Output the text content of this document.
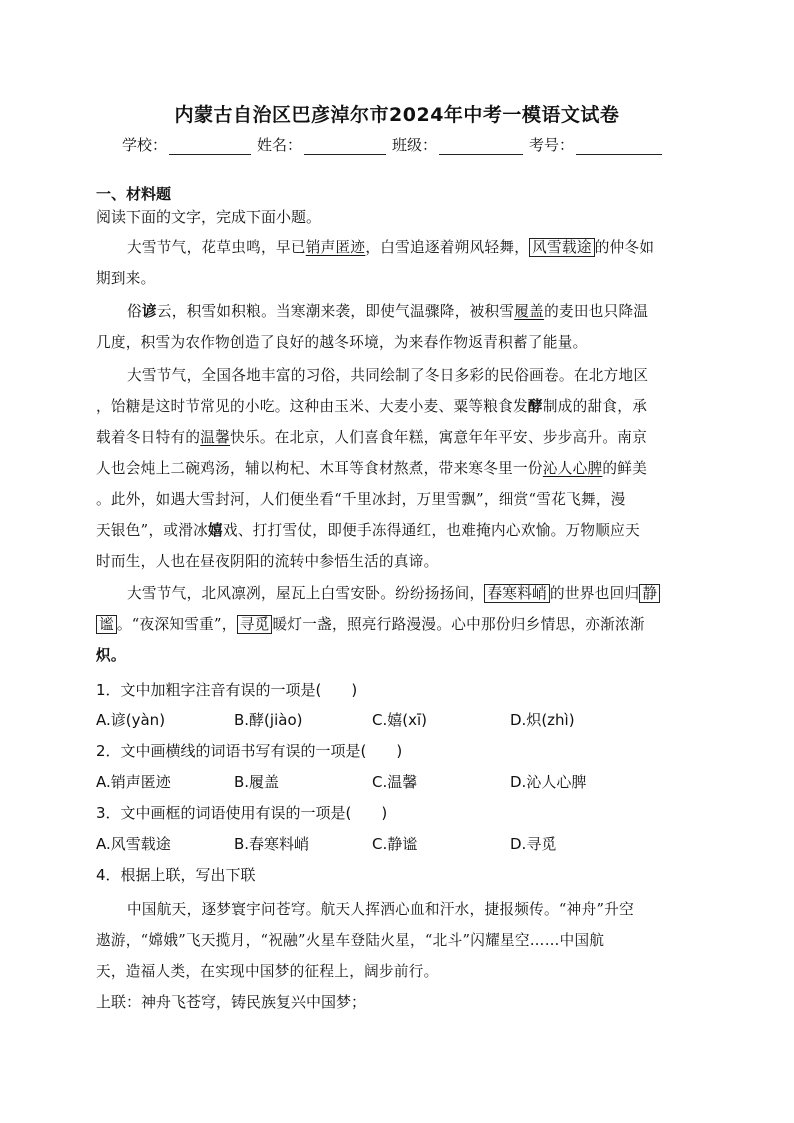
内蒙古自治区巴彦淖尔市2024年中考一模语文试卷
学校：	姓名：	班级：	考号：
一、材料题
阅读下面的文字，完成下面小题。
大雪节气，花草虫鸣，早已销声匿迹，白雪追逐着朔风轻舞， 风雪载途 的仲冬如
期到来。
俗谚云，积雪如积粮。当寒潮来袭，即使气温骤降，被积雪履盖的麦田也只降温
几度，积雪为农作物创造了良好的越冬环境，为来春作物返青积蓄了能量。
大雪节气，全国各地丰富的习俗，共同绘制了冬日多彩的民俗画卷。在北方地区
，饴糖是这时节常见的小吃。这种由玉米、大麦小麦、粟等粮食发酵制成的甜食，承
载着冬日特有的温馨快乐。在北京，人们喜食年糕，寓意年年平安、步步高升。南京
人也会炖上二碗鸡汤，辅以枸杞、木耳等食材熬煮，带来寒冬里一份沁人心脾的鲜美
。此外，如遇大雪封河，人们便坐看“千里冰封，万里雪飘”，细赏“雪花飞舞，漫
天银色”，或滑冰嬉戏、打打雪仗，即便手冻得通红，也难掩内心欢愉。万物顺应天
时而生，人也在昼夜阴阳的流转中参悟生活的真谛。
大雪节气，北风凛冽，屋瓦上白雪安卧。纷纷扬扬间， 春寒料峭 的世界也回归 静
谧 。“夜深知雪重”， 寻觅 暖灯一盏，照亮行路漫漫。心中那份归乡情思，亦渐浓渐
炽。
1．文中加粗字注音有误的一项是(　　)
A.谚(yàn)	B.酵(jiào)	C.嬉(xī)	D.炽(zhì)
2．文中画横线的词语书写有误的一项是(　　)
A.销声匿迹	B.履盖	C.温馨	D.沁人心脾
3．文中画框的词语使用有误的一项是(　　)
A.风雪载途	B.春寒料峭	C.静谧	D.寻觅
4．根据上联，写出下联
中国航天，逐梦寰宇问苍穹。航天人挥洒心血和汗水，捷报频传。“神舟”升空
遨游，“嫦娥”飞天揽月，“祝融”火星车登陆火星，“北斗”闪耀星空……中国航
天，造福人类，在实现中国梦的征程上，阔步前行。
上联：神舟飞苍穹，铸民族复兴中国梦；
